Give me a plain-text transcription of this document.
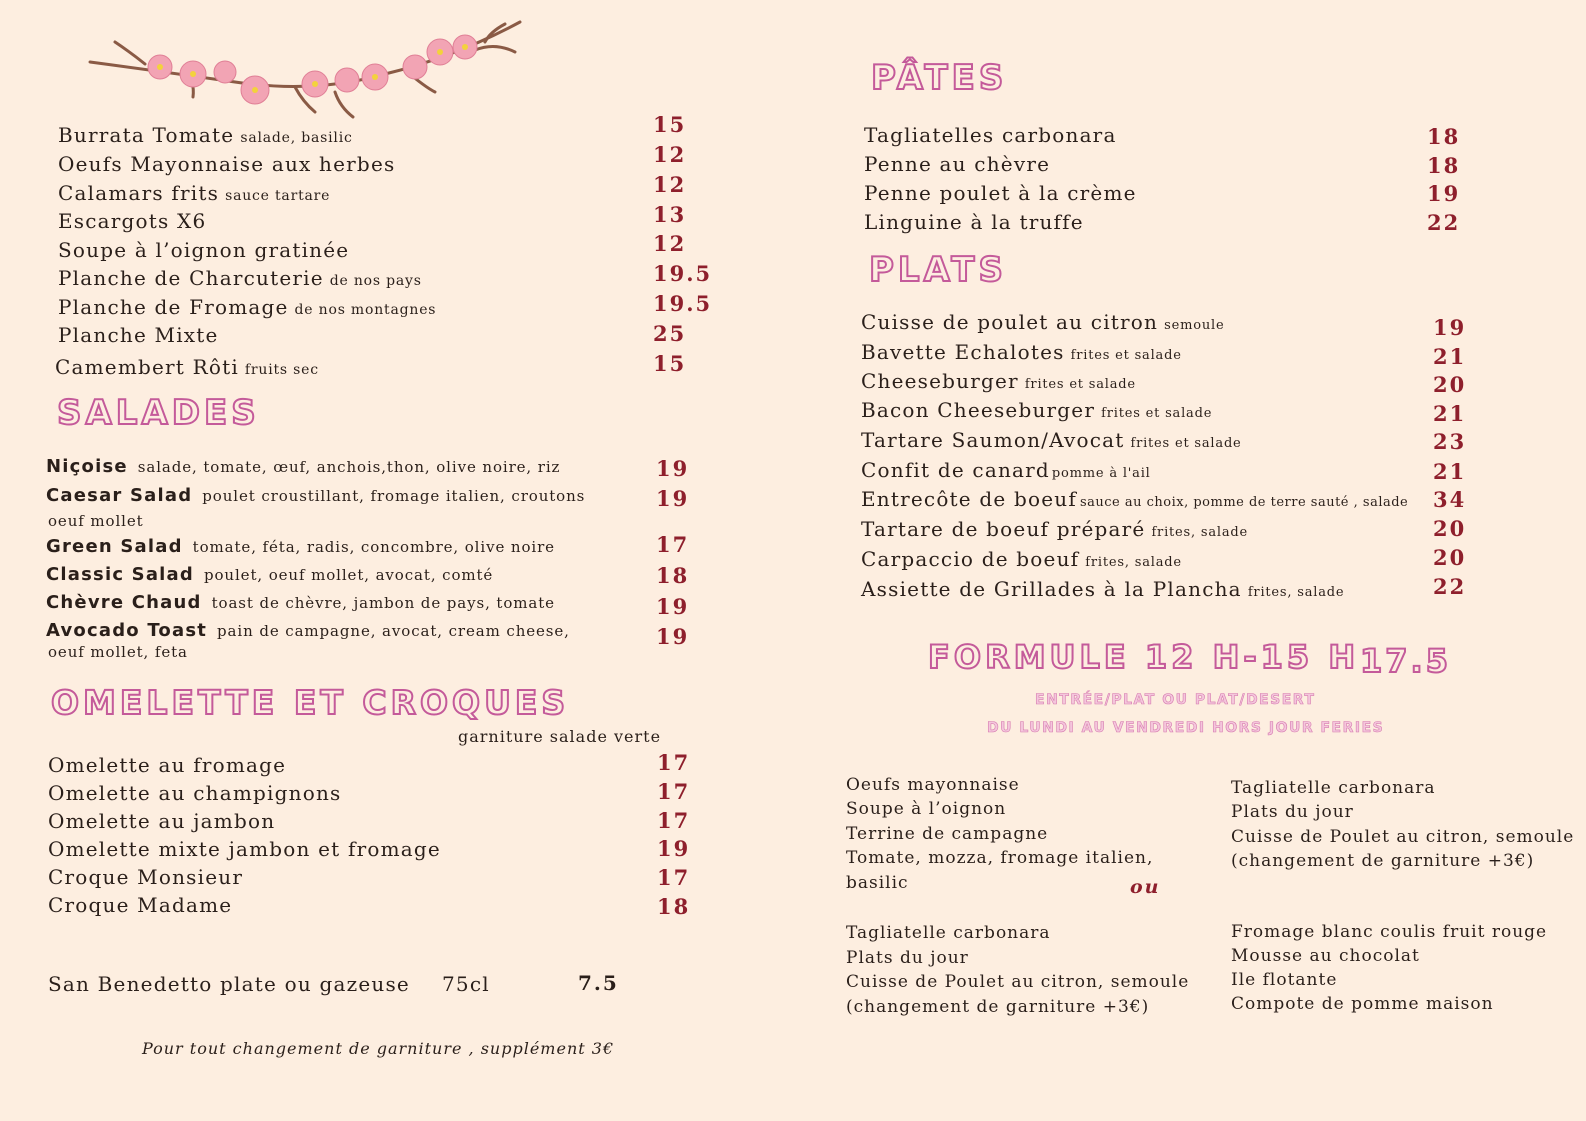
Burrata Tomate salade, basilic
15
Oeufs Mayonnaise aux herbes	12
Calamars frits sauce tartare	12
Escargots X6	13
Soupe à l’oignon gratinée	12
Planche de Charcuterie de nos pays	19.5
Planche de Fromage de nos montagnes	19.5
Planche Mixte	25
Camembert Rôti fruits sec	15
SALADES
Niçoise salade, tomate, œuf, anchois,thon, olive noire, riz	19
Caesar Salad poulet croustillant, fromage italien, croutons
oeuf mollet
19
Green Salad tomate, féta, radis, concombre, olive noire	17
Classic Salad poulet, oeuf mollet, avocat, comté	18
Chèvre Chaud toast de chèvre, jambon de pays, tomate	19
Avocado Toast pain de campagne, avocat, cream cheese,
oeuf mollet, feta
19
OMELETTE ET CROQUES
garniture salade verte
Omelette au fromage	17
Omelette au champignons	17
Omelette au jambon	17
Omelette mixte jambon et fromage	19
Croque Monsieur	17
Croque Madame	18
San Benedetto plate ou gazeuse 75cl	7.5
Pour tout changement de garniture , supplément 3€
PÂTES
Tagliatelles carbonara	18
Penne au chèvre	18
Penne poulet à la crème	19
Linguine à la truffe	22
PLATS
Cuisse de poulet au citron semoule	19
Bavette Echalotes frites et salade	21
Cheeseburger frites et salade	20
Bacon Cheeseburger frites et salade	21
Tartare Saumon/Avocat frites et salade	23
Confit de canard pomme à l'ail	21
Entrecôte de boeuf sauce au choix, pomme de terre sauté , salade 34
Tartare de boeuf préparé frites, salade	20
Carpaccio de boeuf frites, salade	20
Assiette de Grillades à la Plancha frites, salade	22
FORMULE 12 H-15 H 17.5
ENTRÉE/PLAT OU PLAT/DESERT
DU LUNDI AU VENDREDI HORS JOUR FERIES
Oeufs mayonnaise
Soupe à l’oignon
Terrine de campagne
Tomate, mozza, fromage italien,
basilic	ou
Tagliatelle carbonara
Plats du jour
Cuisse de Poulet au citron, semoule
(changement de garniture +3€)
Tagliatelle carbonara
Plats du jour
Cuisse de Poulet au citron, semoule
(changement de garniture +3€)
Fromage blanc coulis fruit rouge
Mousse au chocolat
Ile flotante
Compote de pomme maison
